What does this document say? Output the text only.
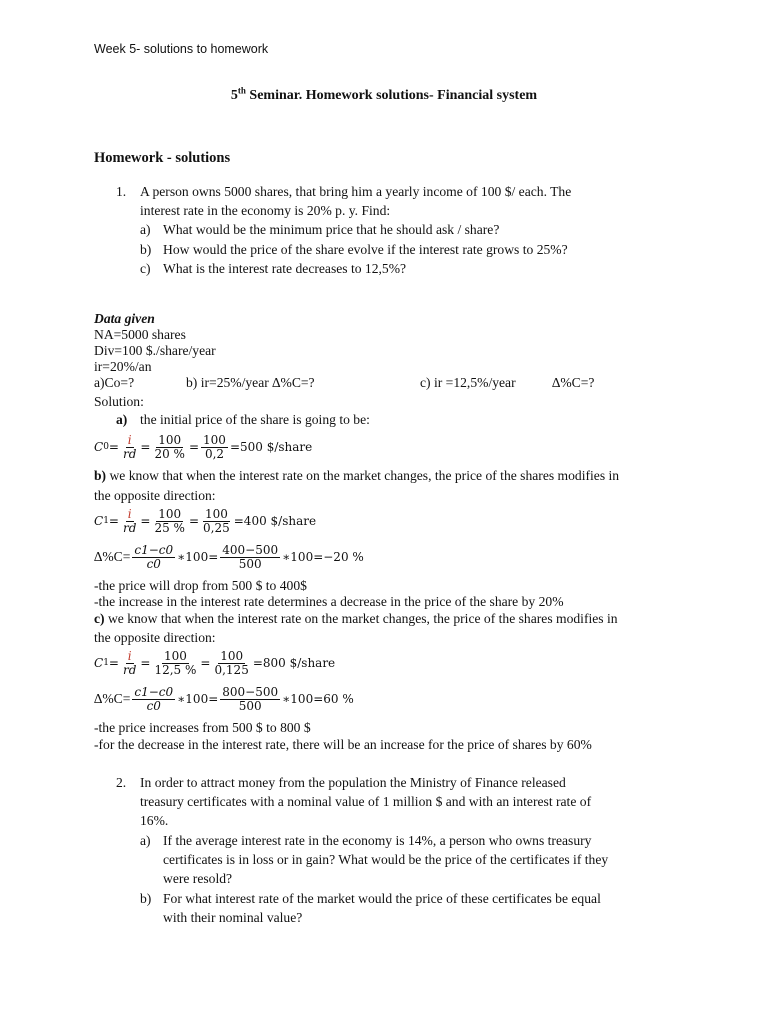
Week 5- solutions to homework
5th Seminar. Homework solutions- Financial system
Homework - solutions
1. A person owns 5000 shares, that bring him a yearly income of 100 $/ each. The
interest rate in the economy is 20% p. y. Find:
a) What would be the minimum price that he should ask / share?
b) How would the price of the share evolve if the interest rate grows to 25%?
c) What is the interest rate decreases to 12,5%?
Data given
NA=5000 shares
Div=100 $./share/year
ir=20%/an
a)Co=?	b) ir=25%/year ∆%C=?	c) ir =12,5%/year	∆%C=?
Solution:
a) the initial price of the share is going to be:
C $0 = \frac{i}{rd} = \frac{100}{20 \%} = \frac{100}{0,2} =500$ $/share
b) we know that when the interest rate on the market changes, the price of the shares modifies in
the opposite direction:
C $1 = \frac{i}{rd} = \frac{100}{25 \%} = \frac{100}{0,25} =400$ $/share
$\Delta\%C= \frac{c1-c0}{c0}$ ∗100= $\frac{400-500}{500}$ ∗100=−20 %
-the price will drop from 500 $ to 400$
-the increase in the interest rate determines a decrease in the price of the share by 20%
c) we know that when the interest rate on the market changes, the price of the shares modifies in
the opposite direction:
C $1 = \frac{i}{rd} = \frac{100}{12,5 \%} = \frac{100}{0,125} =800$ $/share
$\Delta\%C= \frac{c1-c0}{c0}$ ∗100= $\frac{800-500}{500}$ ∗100=60 %
-the price increases from 500 $ to 800 $
-for the decrease in the interest rate, there will be an increase for the price of shares by 60%
2. In order to attract money from the population the Ministry of Finance released
treasury certificates with a nominal value of 1 million $ and with an interest rate of
16%.
a) If the average interest rate in the economy is 14%, a person who owns treasury
certificates is in loss or in gain? What would be the price of the certificates if they
were resold?
b) For what interest rate of the market would the price of these certificates be equal
with their nominal value?
